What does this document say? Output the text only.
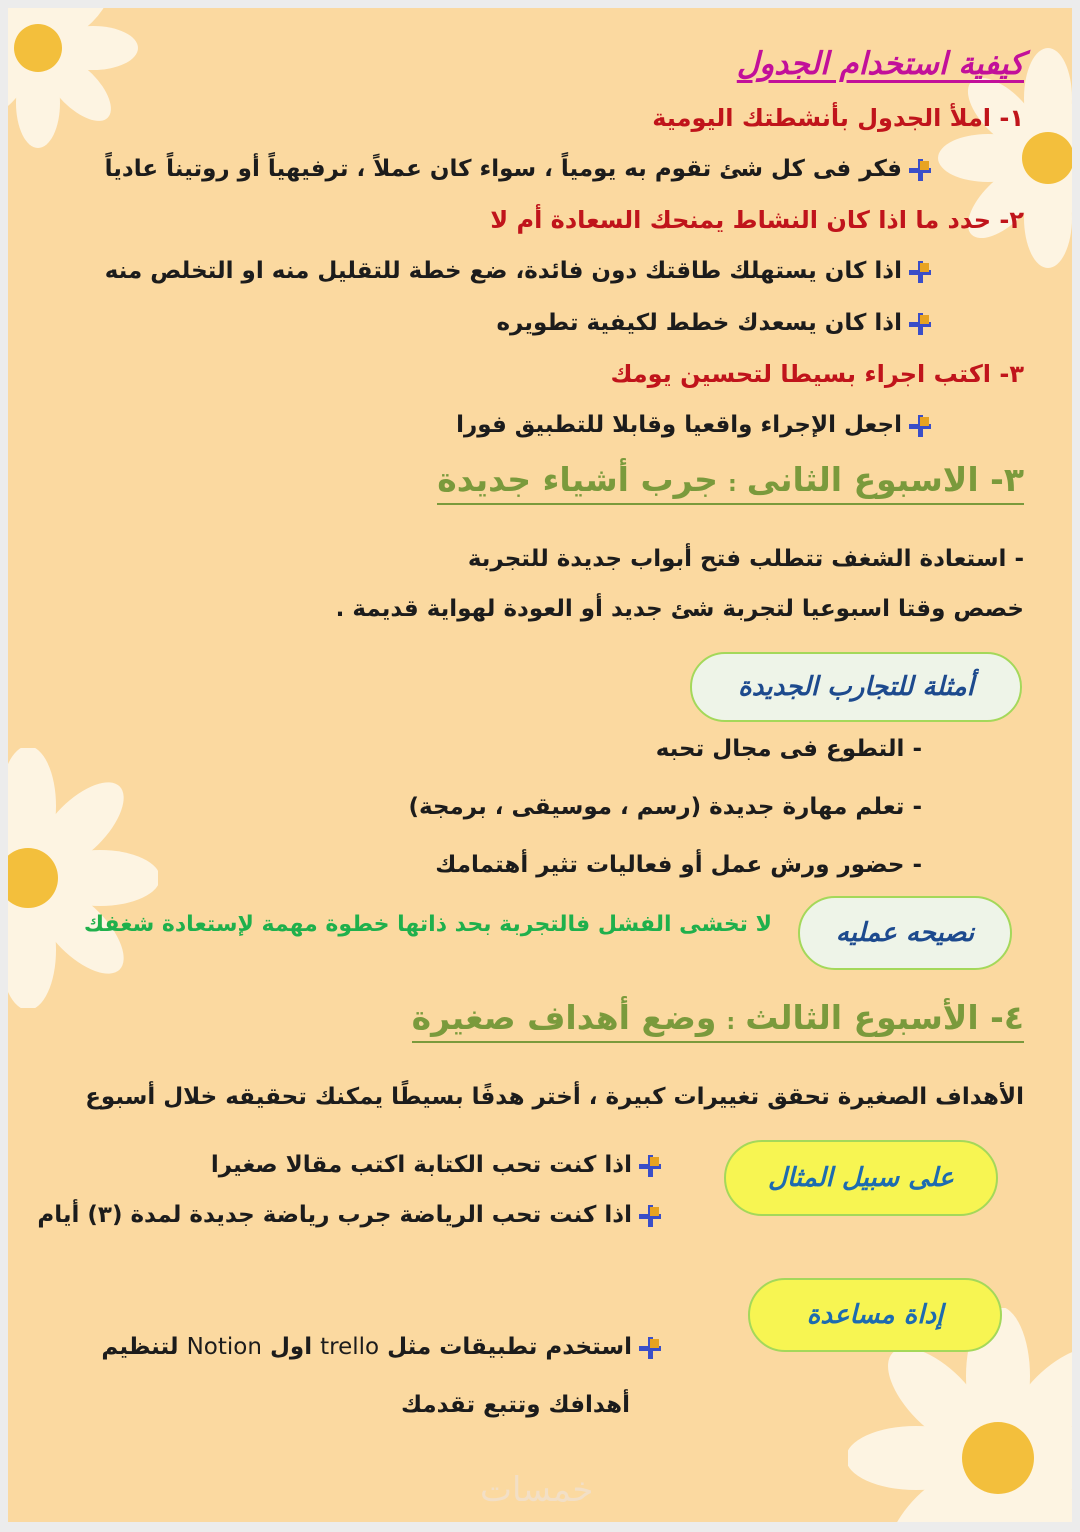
كيفية استخدام الجدول
١- املأ الجدول بأنشطتك اليومية
فكر فى كل شئ تقوم به يومياً ، سواء كان عملاً ، ترفيهياً أو روتيناً عادياً
٢- حدد ما اذا كان النشاط يمنحك السعادة أم لا
اذا كان يستهلك طاقتك دون فائدة، ضع خطة للتقليل منه او التخلص منه
اذا كان يسعدك خطط لكيفية تطويره
٣- اكتب اجراء بسيطا لتحسين يومك
اجعل الإجراء واقعيا وقابلا للتطبيق فورا
٣- الاسبوع الثانى:جرب أشياء جديدة
- استعادة الشغف تتطلب فتح أبواب جديدة للتجربة
خصص وقتا اسبوعيا لتجربة شئ جديد أو العودة لهواية قديمة .
أمثلة للتجارب الجديدة
- التطوع فى مجال تحبه
- تعلم مهارة جديدة (رسم ، موسيقى ، برمجة)
- حضور ورش عمل أو فعاليات تثير أهتمامك
نصيحه عمليه
لا تخشى الفشل فالتجربة بحد ذاتها خطوة مهمة لإستعادة شغفك
٤- الأسبوع الثالث:وضع أهداف صغيرة
الأهداف الصغيرة تحقق تغييرات كبيرة ، أختر هدفًا بسيطًا يمكنك تحقيقه خلال أسبوع
على سبيل المثال
اذا كنت تحب الكتابة اكتب مقالا صغيرا
اذا كنت تحب الرياضة جرب رياضة جديدة لمدة (٣) أيام
إداة مساعدة
استخدم تطبيقات مثل trello اول Notion لتنظيم
أهدافك وتتبع تقدمك
خمسات
